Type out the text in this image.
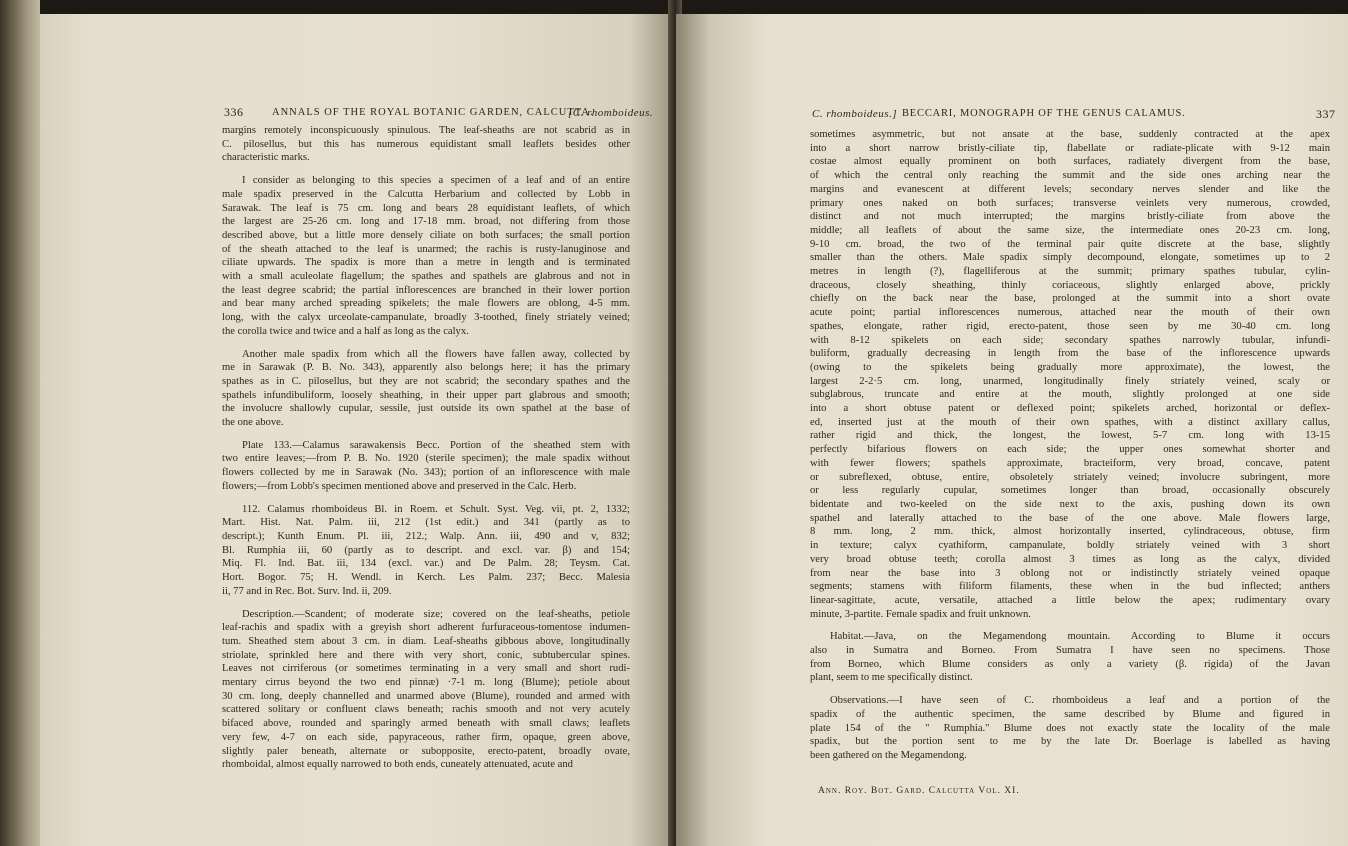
336	ANNALS OF THE ROYAL BOTANIC GARDEN, CALCUTTA.
[C. rhomboideus.
margins remotely inconspicuously spinulous. The leaf-sheaths are not scabrid as in
C. pilosellus, but this has numerous equidistant small leaflets besides other
characteristic marks.
I consider as belonging to this species a specimen of a leaf and of an entire
male spadix preserved in the Calcutta Herbarium and collected by Lobb in
Sarawak. The leaf is 75 cm. long and bears 28 equidistant leaflets, of which
the largest are 25-26 cm. long and 17-18 mm. broad, not differing from those
described above, but a little more densely ciliate on both surfaces; the small portion
of the sheath attached to the leaf is unarmed; the rachis is rusty-lanuginose and
ciliate upwards. The spadix is more than a metre in length and is terminated
with a small aculeolate flagellum; the spathes and spathels are glabrous and not in
the least degree scabrid; the partial inflorescences are branched in their lower portion
and bear many arched spreading spikelets; the male flowers are oblong, 4-5 mm.
long, with the calyx urceolate-campanulate, broadly 3-toothed, finely striately veined;
the corolla twice and twice and a half as long as the calyx.
Another male spadix from which all the flowers have fallen away, collected by
me in Sarawak (P. B. No. 343), apparently also belongs here; it has the primary
spathes as in C. pilosellus, but they are not scabrid; the secondary spathes and the
spathels infundibuliform, loosely sheathing, in their upper part glabrous and smooth;
the involucre shallowly cupular, sessile, just outside its own spathel at the base of
the one above.
Plate 133.—Calamus sarawakensis Becc. Portion of the sheathed stem with
two entire leaves;—from P. B. No. 1920 (sterile specimen); the male spadix without
flowers collected by me in Sarawak (No. 343); portion of an inflorescence with male
flowers;—from Lobb's specimen mentioned above and preserved in the Calc. Herb.
112. Calamus rhomboideus Bl. in Roem. et Schult. Syst. Veg. vii, pt. 2, 1332;
Mart. Hist. Nat. Palm. iii, 212 (1st edit.) and 341 (partly as to
descript.); Kunth Enum. Pl. iii, 212.; Walp. Ann. iii, 490 and v, 832;
Bl. Rumphia iii, 60 (partly as to descript. and excl. var. β) and 154;
Miq. Fl. Ind. Bat. iii, 134 (excl. var.) and De Palm. 28; Teysm. Cat.
Hort. Bogor. 75; H. Wendl. in Kerch. Les Palm. 237; Becc. Malesia
ii, 77 and in Rec. Bot. Surv. Ind. ii, 209.
Description.—Scandent; of moderate size; covered on the leaf-sheaths, petiole
leaf-rachis and spadix with a greyish short adherent furfuraceous-tomentose indumen-
tum. Sheathed stem about 3 cm. in diam. Leaf-sheaths gibbous above, longitudinally
striolate, sprinkled here and there with very short, conic, subtubercular spines.
Leaves not cirriferous (or sometimes terminating in a very small and short rudi-
mentary cirrus beyond the two end pinnæ) ·7-1 m. long (Blume); petiole about
30 cm. long, deeply channelled and unarmed above (Blume), rounded and armed with
scattered solitary or confluent claws beneath; rachis smooth and not very acutely
bifaced above, rounded and sparingly armed beneath with small claws; leaflets
very few, 4-7 on each side, papyraceous, rather firm, opaque, green above,
slightly paler beneath, alternate or subopposite, erecto-patent, broadly ovate,
rhomboidal, almost equally narrowed to both ends, cuneately attenuated, acute and
C. rhomboideus.] BECCARI, MONOGRAPH OF THE GENUS CALAMUS.	337
sometimes asymmetric, but not ansate at the base, suddenly contracted at the apex
into a short narrow bristly-ciliate tip, flabellate or radiate-plicate with 9-12 main
costae almost equally prominent on both surfaces, radiately divergent from the base,
of which the central only reaching the summit and the side ones arching near the
margins and evanescent at different levels; secondary nerves slender and like the
primary ones naked on both surfaces; transverse veinlets very numerous, crowded,
distinct and not much interrupted; the margins bristly-ciliate from above the
middle; all leaflets of about the same size, the intermediate ones 20-23 cm. long,
9-10 cm. broad, the two of the terminal pair quite discrete at the base, slightly
smaller than the others. Male spadix simply decompound, elongate, sometimes up to 2
metres in length (?), flagelliferous at the summit; primary spathes tubular, cylin-
draceous, closely sheathing, thinly coriaceous, slightly enlarged above, prickly
chiefly on the back near the base, prolonged at the summit into a short ovate
acute point; partial inflorescences numerous, attached near the mouth of their own
spathes, elongate, rather rigid, erecto-patent, those seen by me 30-40 cm. long
with 8-12 spikelets on each side; secondary spathes narrowly tubular, infundi-
buliform, gradually decreasing in length from the base of the inflorescence upwards
(owing to the spikelets being gradually more approximate), the lowest, the
largest 2-2·5 cm. long, unarmed, longitudinally finely striately veined, scaly or
subglabrous, truncate and entire at the mouth, slightly prolonged at one side
into a short obtuse patent or deflexed point; spikelets arched, horizontal or deflex-
ed, inserted just at the mouth of their own spathes, with a distinct axillary callus,
rather rigid and thick, the longest, the lowest, 5-7 cm. long with 13-15
perfectly bifarious flowers on each side; the upper ones somewhat shorter and
with fewer flowers; spathels approximate, bracteiform, very broad, concave, patent
or subreflexed, obtuse, entire, obsoletely striately veined; involucre subringent, more
or less regularly cupular, sometimes longer than broad, occasionally obscurely
bidentate and two-keeled on the side next to the axis, pushing down its own
spathel and laterally attached to the base of the one above. Male flowers large,
8 mm. long, 2 mm. thick, almost horizontally inserted, cylindraceous, obtuse, firm
in texture; calyx cyathiform, campanulate, boldly striately veined with 3 short
very broad obtuse teeth; corolla almost 3 times as long as the calyx, divided
from near the base into 3 oblong not or indistinctly striately veined opaque
segments; stamens with filiform filaments, these when in the bud inflected; anthers
linear-sagittate, acute, versatile, attached a little below the apex; rudimentary ovary
minute, 3-partite. Female spadix and fruit unknown.
Habitat.—Java, on the Megamendong mountain. According to Blume it occurs
also in Sumatra and Borneo. From Sumatra I have seen no specimens. Those
from Borneo, which Blume considers as only a variety (β. rigida) of the Javan
plant, seem to me specifically distinct.
Observations.—I have seen of C. rhomboideus a leaf and a portion of the
spadix of the authentic specimen, the same described by Blume and figured in
plate 154 of the " Rumphia." Blume does not exactly state the locality of the male
spadix, but the portion sent to me by the late Dr. Boerlage is labelled as having
been gathered on the Megamendong.
Ann. Roy. Bot. Gard. Calcutta Vol. XI.
